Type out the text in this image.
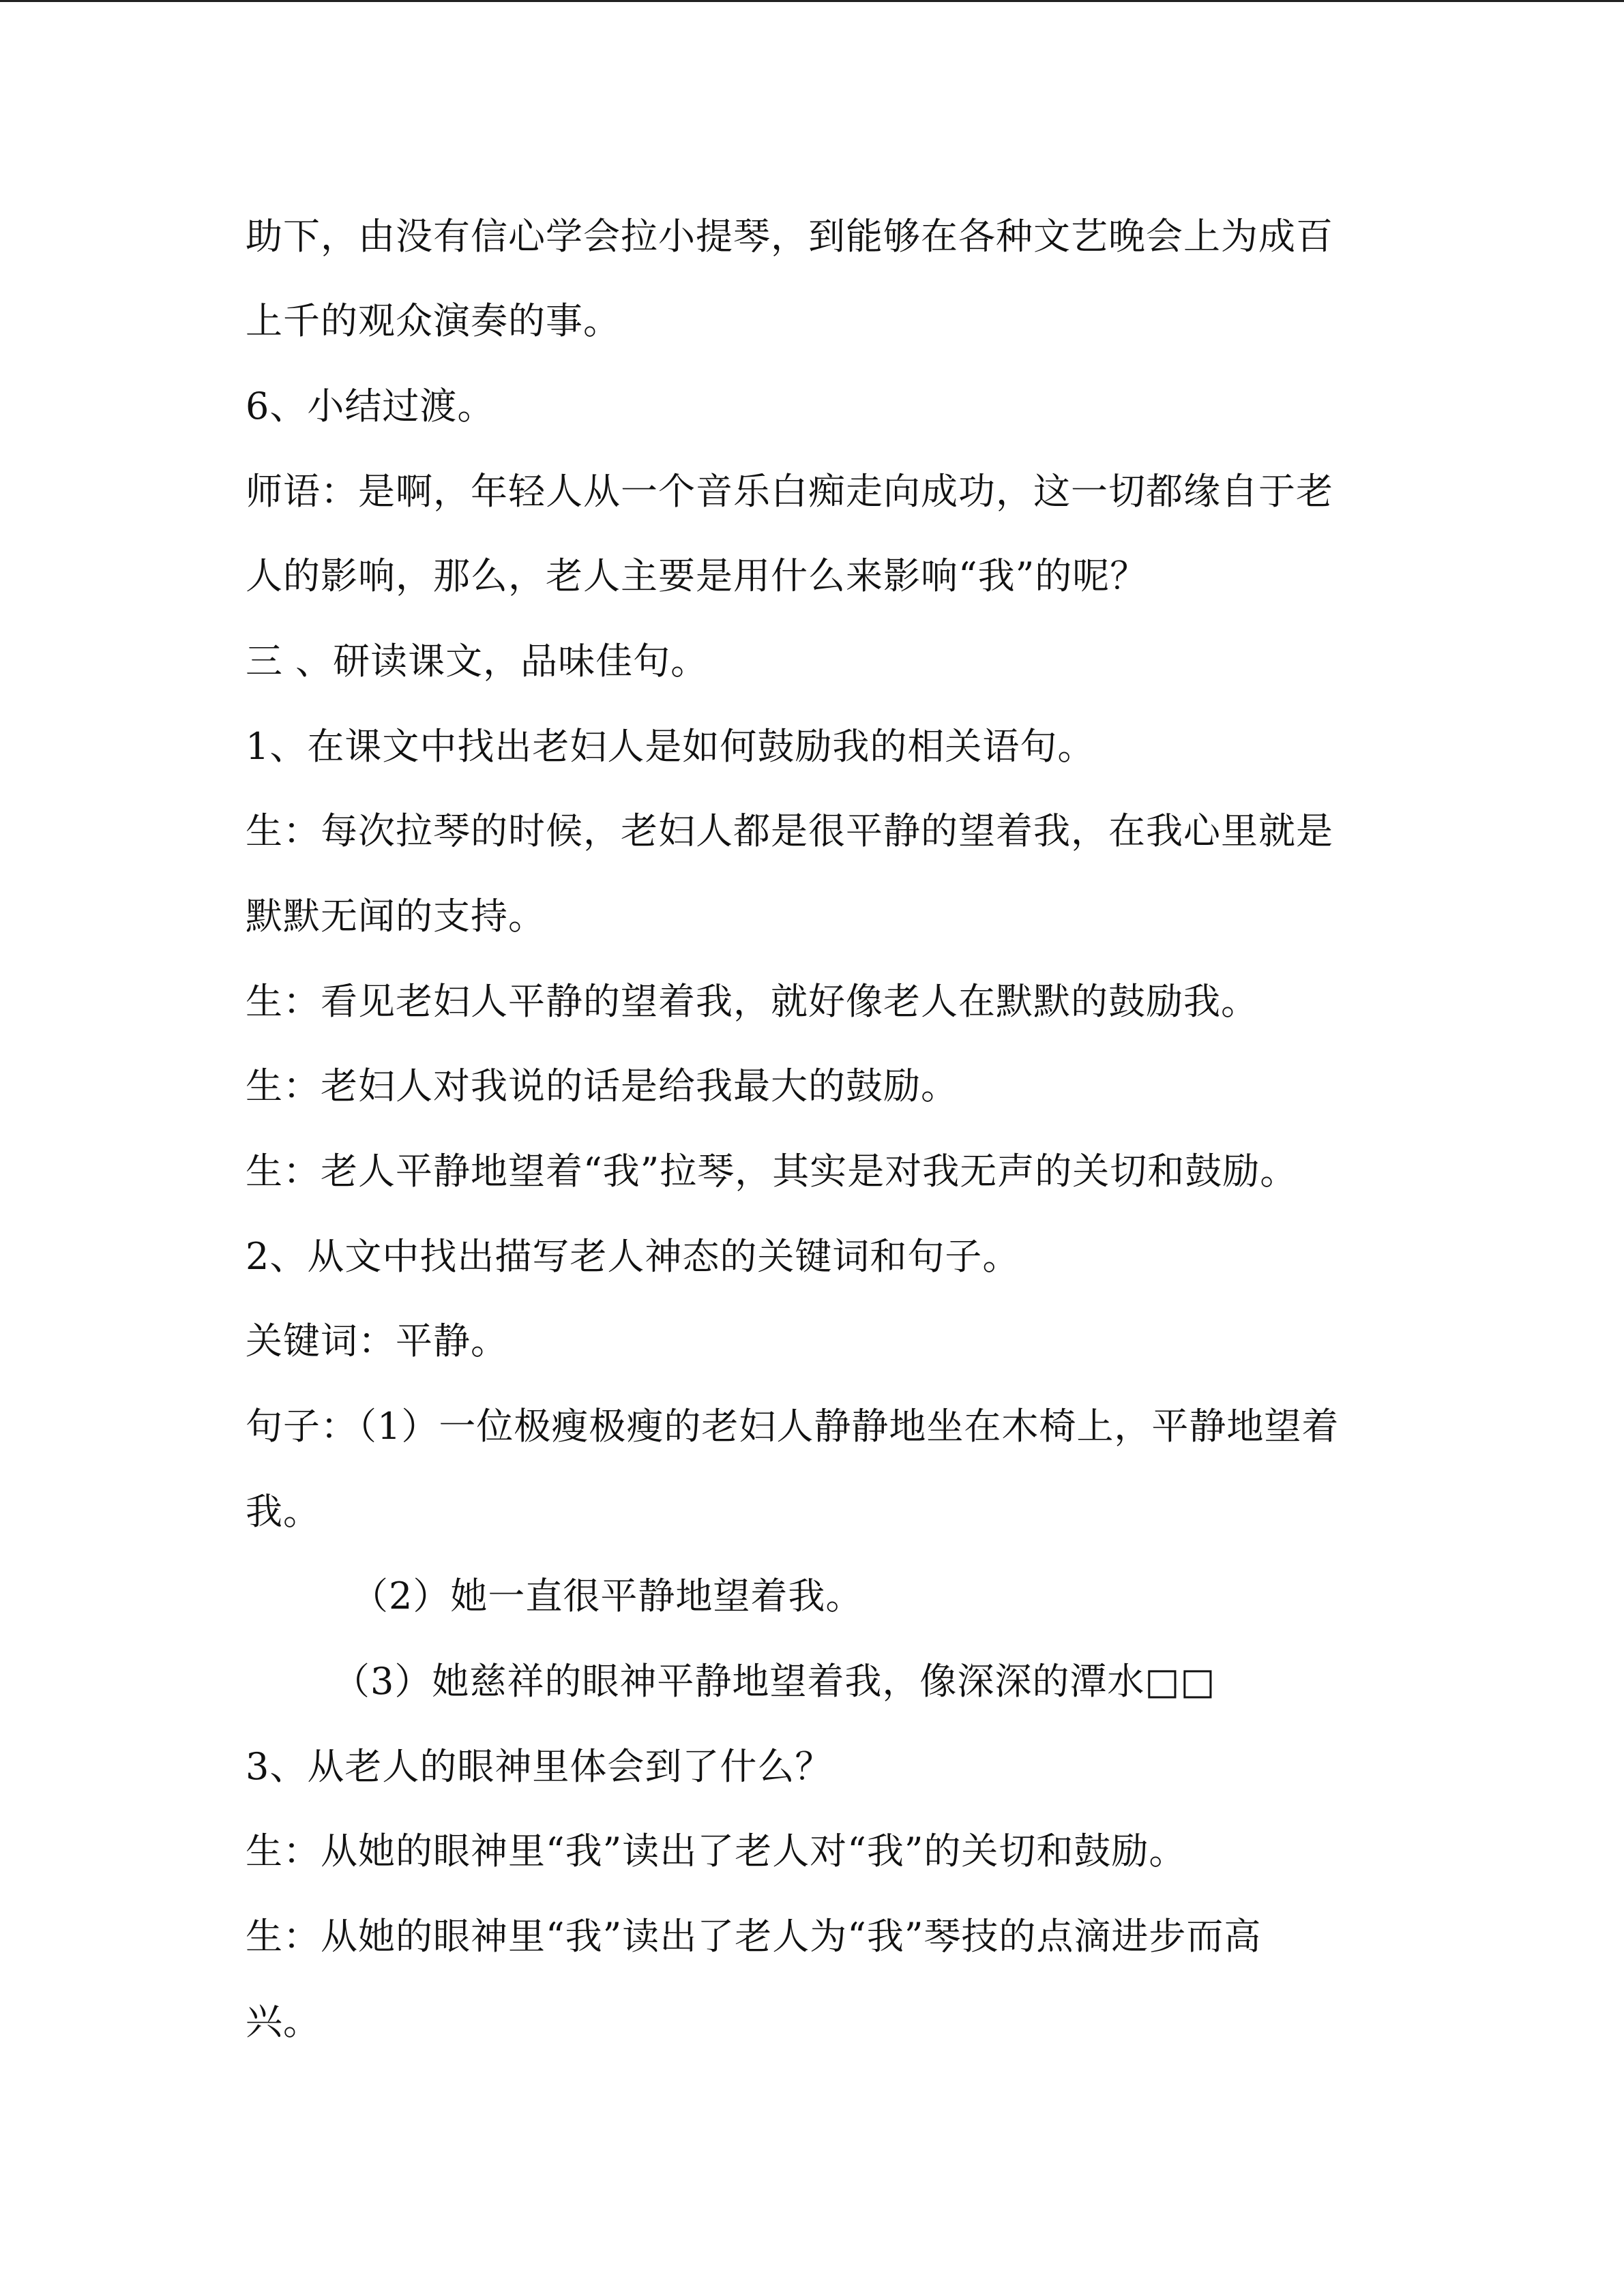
助下，由没有信心学会拉小提琴，到能够在各种文艺晚会上为成百
上千的观众演奏的事。
6、小结过渡。
师语：是啊，年轻人从一个音乐白痴走向成功，这一切都缘自于老
人的影响，那么，老人主要是用什么来影响“我”的呢？
三 、研读课文，品味佳句。
1、在课文中找出老妇人是如何鼓励我的相关语句。
生：每次拉琴的时候，老妇人都是很平静的望着我，在我心里就是
默默无闻的支持。
生：看见老妇人平静的望着我，就好像老人在默默的鼓励我。
生：老妇人对我说的话是给我最大的鼓励。
生：老人平静地望着“我”拉琴，其实是对我无声的关切和鼓励。
2、从文中找出描写老人神态的关键词和句子。
关键词：平静。
句子：（1）一位极瘦极瘦的老妇人静静地坐在木椅上，平静地望着
我。
（2）她一直很平静地望着我。
（3）她慈祥的眼神平静地望着我，像深深的潭水□□
3、从老人的眼神里体会到了什么？
生：从她的眼神里“我”读出了老人对“我”的关切和鼓励。
生：从她的眼神里“我”读出了老人为“我”琴技的点滴进步而高
兴。
